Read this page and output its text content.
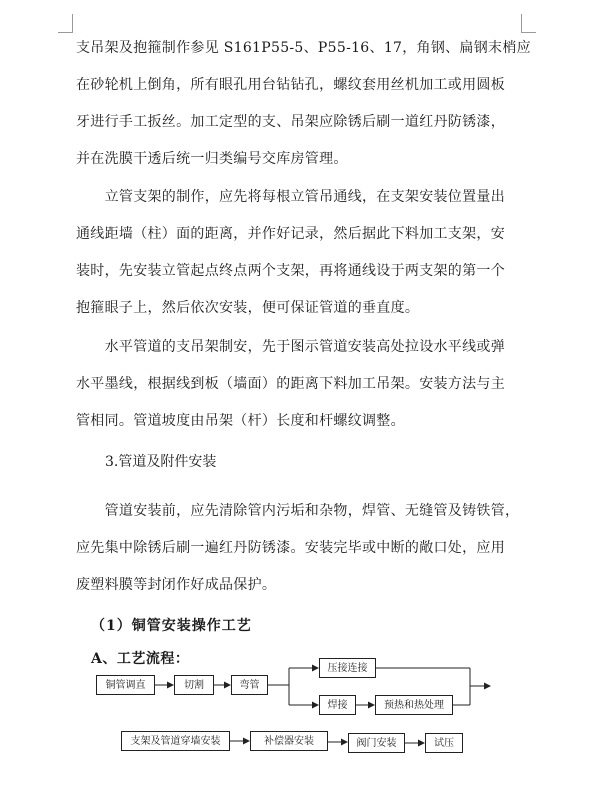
支吊架及抱箍制作参见 S161P55-5、P55-16、17，角钢、扁钢末梢应
在砂轮机上倒角，所有眼孔用台钻钻孔，螺纹套用丝机加工或用圆板
牙进行手工扳丝。加工定型的支、吊架应除锈后刷一道红丹防锈漆，
并在洗膜干透后统一归类编号交库房管理。
　　立管支架的制作，应先将每根立管吊通线，在支架安装位置量出
通线距墙（柱）面的距离，并作好记录，然后据此下料加工支架，安
装时，先安装立管起点终点两个支架，再将通线设于两支架的第一个
抱箍眼子上，然后依次安装，便可保证管道的垂直度。
　　水平管道的支吊架制安，先于图示管道安装高处拉设水平线或弹
水平墨线，根据线到板（墙面）的距离下料加工吊架。安装方法与主
管相同。管道坡度由吊架（杆）长度和杆螺纹调整。
3.管道及附件安装
　　管道安装前，应先清除管内污垢和杂物，焊管、无缝管及铸铁管，
应先集中除锈后刷一遍红丹防锈漆。安装完毕或中断的敞口处，应用
废塑料膜等封闭作好成品保护。
（1）铜管安装操作工艺
A、工艺流程：
铜管调直	切割	弯管
压接连接
焊接	预热和热处理
支架及管道穿墙安装	补偿器安装	阀门安装	试压
